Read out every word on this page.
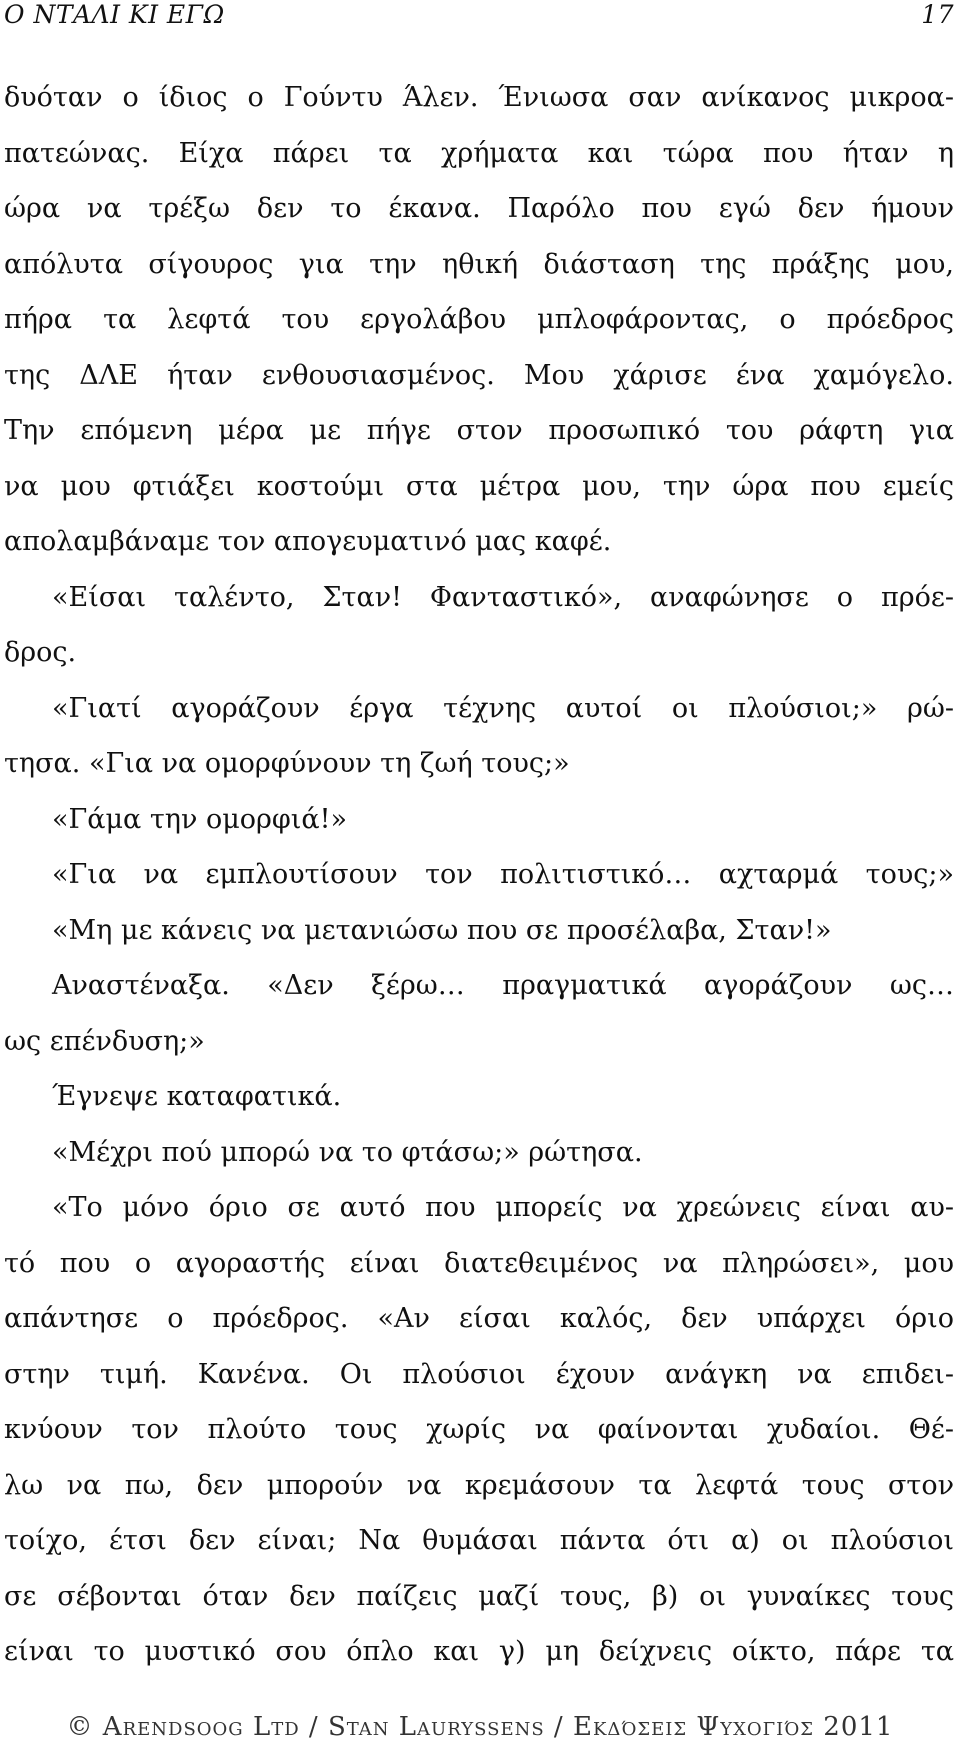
Ο ΝΤΑΛΙ ΚΙ ΕΓΩ	17
δυόταν ο ίδιος ο Γούντυ Άλεν. Ένιωσα σαν ανίκανος μικροα-
πατεώνας. Είχα πάρει τα χρήματα και τώρα που ήταν η
ώρα να τρέξω δεν το έκανα. Παρόλο που εγώ δεν ήμουν
απόλυτα σίγουρος για την ηθική διάσταση της πράξης μου,
πήρα τα λεφτά του εργολάβου μπλοφάροντας, ο πρόεδρος
της ΔΛΕ ήταν ενθουσιασμένος. Μου χάρισε ένα χαμόγελο.
Την επόμενη μέρα με πήγε στον προσωπικό του ράφτη για
να μου φτιάξει κοστούμι στα μέτρα μου, την ώρα που εμείς
απολαμβάναμε τον απογευματινό μας καφέ.
«Είσαι ταλέντο, Σταν! Φανταστικό», αναφώνησε ο πρόε-
δρος.
«Γιατί αγοράζουν έργα τέχνης αυτοί οι πλούσιοι;» ρώ-
τησα. «Για να ομορφύνουν τη ζωή τους;»
«Γάμα την ομορφιά!»
«Για να εμπλουτίσουν τον πολιτιστικό… αχταρμά τους;»
«Μη με κάνεις να μετανιώσω που σε προσέλαβα, Σταν!»
Αναστέναξα. «Δεν ξέρω… πραγματικά αγοράζουν ως…
ως επένδυση;»
Έγνεψε καταφατικά.
«Μέχρι πού μπορώ να το φτάσω;» ρώτησα.
«Το μόνο όριο σε αυτό που μπορείς να χρεώνεις είναι αυ-
τό που ο αγοραστής είναι διατεθειμένος να πληρώσει», μου
απάντησε ο πρόεδρος. «Αν είσαι καλός, δεν υπάρχει όριο
στην τιμή. Κανένα. Οι πλούσιοι έχουν ανάγκη να επιδει-
κνύουν τον πλούτο τους χωρίς να φαίνονται χυδαίοι. Θέ-
λω να πω, δεν μπορούν να κρεμάσουν τα λεφτά τους στον
τοίχο, έτσι δεν είναι; Να θυμάσαι πάντα ότι α) οι πλούσιοι
σε σέβονται όταν δεν παίζεις μαζί τους, β) οι γυναίκες τους
είναι το μυστικό σου όπλο και γ) μη δείχνεις οίκτο, πάρε τα
© Arendsoog Ltd / Stan Lauryssens / Εκδόσεις Ψυχογιός 2011
